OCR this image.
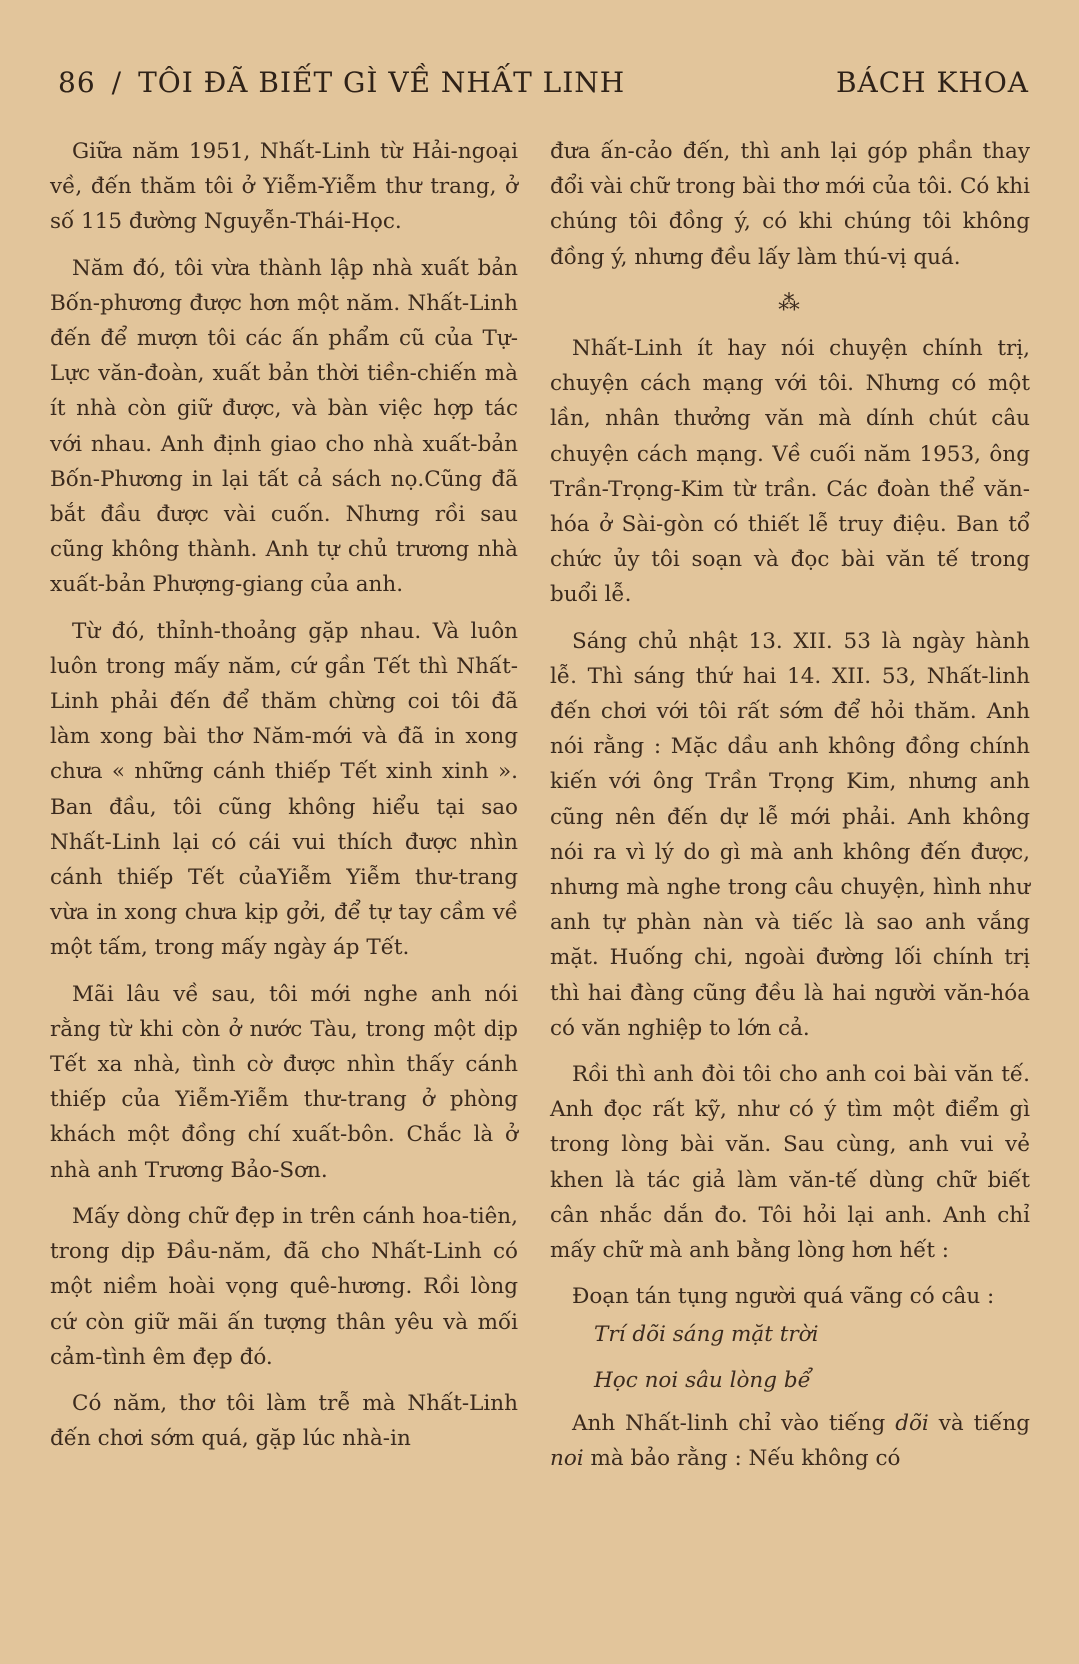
86 / TÔI ĐÃ BIẾT GÌ VỀ NHẤT LINH	BÁCH KHOA

Giữa năm 1951, Nhất-Linh từ Hải-ngoại về, đến thăm tôi ở Yiễm-Yiễm thư trang, ở số 115 đường Nguyễn-Thái-Học.

Năm đó, tôi vừa thành lập nhà xuất bản Bốn-phương được hơn một năm. Nhất-Linh đến để mượn tôi các ấn phẩm cũ của Tự-Lực văn-đoàn, xuất bản thời tiền-chiến mà ít nhà còn giữ được, và bàn việc hợp tác với nhau. Anh định giao cho nhà xuất-bản Bốn-Phương in lại tất cả sách nọ.Cũng đã bắt đầu được vài cuốn. Nhưng rồi sau cũng không thành. Anh tự chủ trương nhà xuất-bản Phượng-giang của anh.

Từ đó, thỉnh-thoảng gặp nhau. Và luôn luôn trong mấy năm, cứ gần Tết thì Nhất-Linh phải đến để thăm chừng coi tôi đã làm xong bài thơ Năm-mới và đã in xong chưa « những cánh thiếp Tết xinh xinh ». Ban đầu, tôi cũng không hiểu tại sao Nhất-Linh lại có cái vui thích được nhìn cánh thiếp Tết củaYiễm Yiễm thư-trang vừa in xong chưa kịp gởi, để tự tay cầm về một tấm, trong mấy ngày áp Tết.

Mãi lâu về sau, tôi mới nghe anh nói rằng từ khi còn ở nước Tàu, trong một dịp Tết xa nhà, tình cờ được nhìn thấy cánh thiếp của Yiễm-Yiễm thư-trang ở phòng khách một đồng chí xuất-bôn. Chắc là ở nhà anh Trương Bảo-Sơn.

Mấy dòng chữ đẹp in trên cánh hoa-tiên, trong dịp Đầu-năm, đã cho Nhất-Linh có một niềm hoài vọng quê-hương. Rồi lòng cứ còn giữ mãi ấn tượng thân yêu và mối cảm-tình êm đẹp đó.

Có năm, thơ tôi làm trễ mà Nhất-Linh đến chơi sớm quá, gặp lúc nhà-in

đưa ấn-cảo đến, thì anh lại góp phần thay đổi vài chữ trong bài thơ mới của tôi. Có khi chúng tôi đồng ý, có khi chúng tôi không đồng ý, nhưng đều lấy làm thú-vị quá.

⁂

Nhất-Linh ít hay nói chuyện chính trị, chuyện cách mạng với tôi. Nhưng có một lần, nhân thưởng văn mà dính chút câu chuyện cách mạng. Về cuối năm 1953, ông Trần-Trọng-Kim từ trần. Các đoàn thể văn-hóa ở Sài-gòn có thiết lễ truy điệu. Ban tổ chức ủy tôi soạn và đọc bài văn tế trong buổi lễ.

Sáng chủ nhật 13. XII. 53 là ngày hành lễ. Thì sáng thứ hai 14. XII. 53, Nhất-linh đến chơi với tôi rất sớm để hỏi thăm. Anh nói rằng : Mặc dầu anh không đồng chính kiến với ông Trần Trọng Kim, nhưng anh cũng nên đến dự lễ mới phải. Anh không nói ra vì lý do gì mà anh không đến được, nhưng mà nghe trong câu chuyện, hình như anh tự phàn nàn và tiếc là sao anh vắng mặt. Huống chi, ngoài đường lối chính trị thì hai đàng cũng đều là hai người văn-hóa có văn nghiệp to lớn cả.

Rồi thì anh đòi tôi cho anh coi bài văn tế. Anh đọc rất kỹ, như có ý tìm một điểm gì trong lòng bài văn. Sau cùng, anh vui vẻ khen là tác giả làm văn-tế dùng chữ biết cân nhắc dắn đo. Tôi hỏi lại anh. Anh chỉ mấy chữ mà anh bằng lòng hơn hết :

Đoạn tán tụng người quá vãng có câu :

Trí dõi sáng mặt trời

Học noi sâu lòng bể

Anh Nhất-linh chỉ vào tiếng dõi và tiếng noi mà bảo rằng : Nếu không có
